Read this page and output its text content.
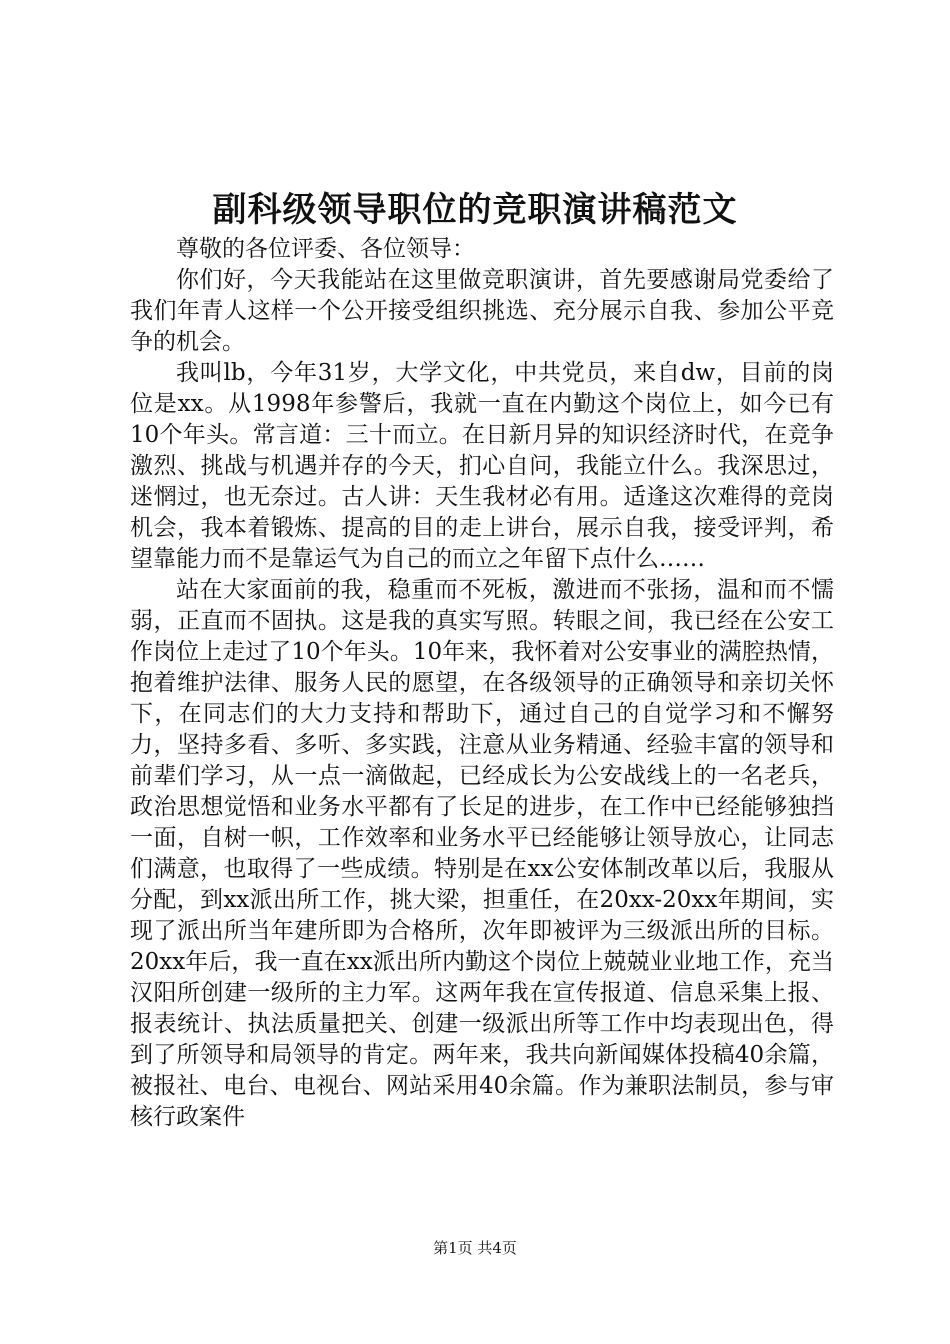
副科级领导职位的竞职演讲稿范文

尊敬的各位评委、各位领导：

你们好，今天我能站在这里做竞职演讲，首先要感谢局党委给了我们年青人这样一个公开接受组织挑选、充分展示自我、参加公平竞争的机会。

我叫lb，今年31岁，大学文化，中共党员，来自dw，目前的岗位是xx。从1998年参警后，我就一直在内勤这个岗位上，如今已有10个年头。常言道：三十而立。在日新月异的知识经济时代，在竞争激烈、挑战与机遇并存的今天，扪心自问，我能立什么。我深思过，迷惘过，也无奈过。古人讲：天生我材必有用。适逢这次难得的竞岗机会，我本着锻炼、提高的目的走上讲台，展示自我，接受评判，希望靠能力而不是靠运气为自己的而立之年留下点什么……

站在大家面前的我，稳重而不死板，激进而不张扬，温和而不懦弱，正直而不固执。这是我的真实写照。转眼之间，我已经在公安工作岗位上走过了10个年头。10年来，我怀着对公安事业的满腔热情，抱着维护法律、服务人民的愿望，在各级领导的正确领导和亲切关怀下，在同志们的大力支持和帮助下，通过自己的自觉学习和不懈努力，坚持多看、多听、多实践，注意从业务精通、经验丰富的领导和前辈们学习，从一点一滴做起，已经成长为公安战线上的一名老兵，政治思想觉悟和业务水平都有了长足的进步，在工作中已经能够独挡一面，自树一帜，工作效率和业务水平已经能够让领导放心，让同志们满意，也取得了一些成绩。特别是在xx公安体制改革以后，我服从分配，到xx派出所工作，挑大梁，担重任，在20xx-20xx年期间，实现了派出所当年建所即为合格所，次年即被评为三级派出所的目标。20xx年后，我一直在xx派出所内勤这个岗位上兢兢业业地工作，充当汉阳所创建一级所的主力军。这两年我在宣传报道、信息采集上报、报表统计、执法质量把关、创建一级派出所等工作中均表现出色，得到了所领导和局领导的肯定。两年来，我共向新闻媒体投稿40余篇，被报社、电台、电视台、网站采用40余篇。作为兼职法制员，参与审核行政案件

第1页 共4页
